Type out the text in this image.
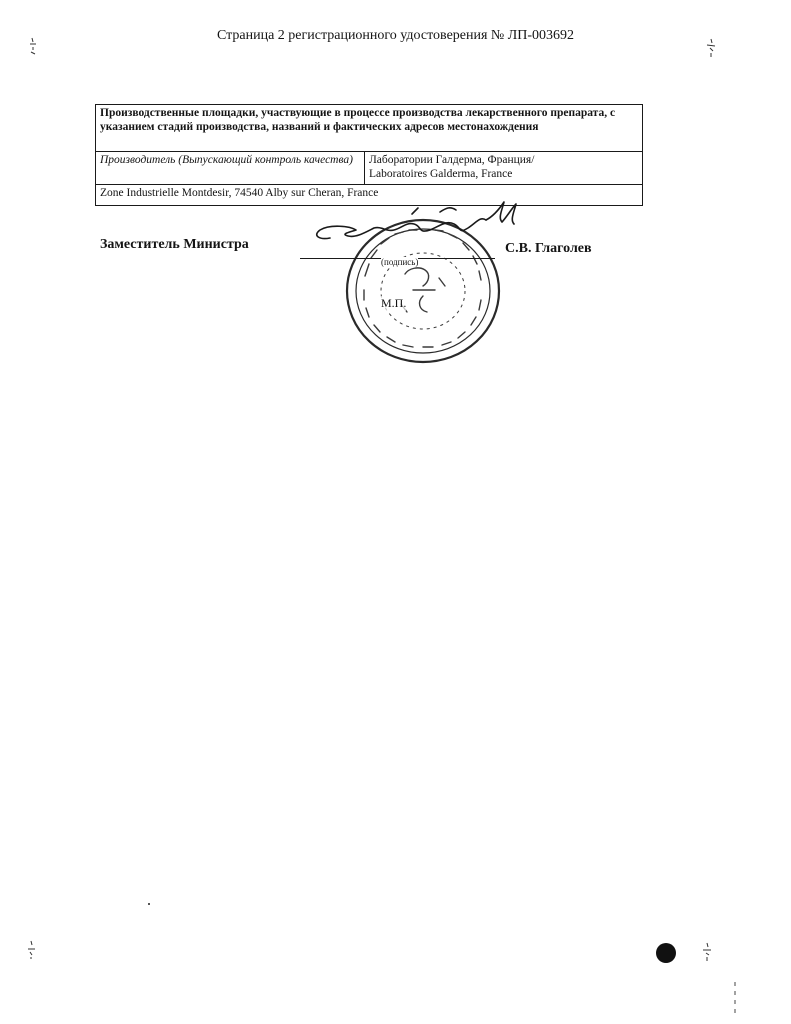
Страница 2 регистрационного удостоверения № ЛП-003692
Производственные площадки, участвующие в процессе производства лекарственного препарата, с указанием стадий производства, названий и фактических адресов местонахождения
Производитель (Выпускающий контроль качества)	Лаборатории Галдерма, Франция/
Laboratoires Galderma, France

Zone Industrielle Montdesir, 74540 Alby sur Cheran, France
(подпись)
М.П.
Заместитель Министра	С.В. Глаголев
